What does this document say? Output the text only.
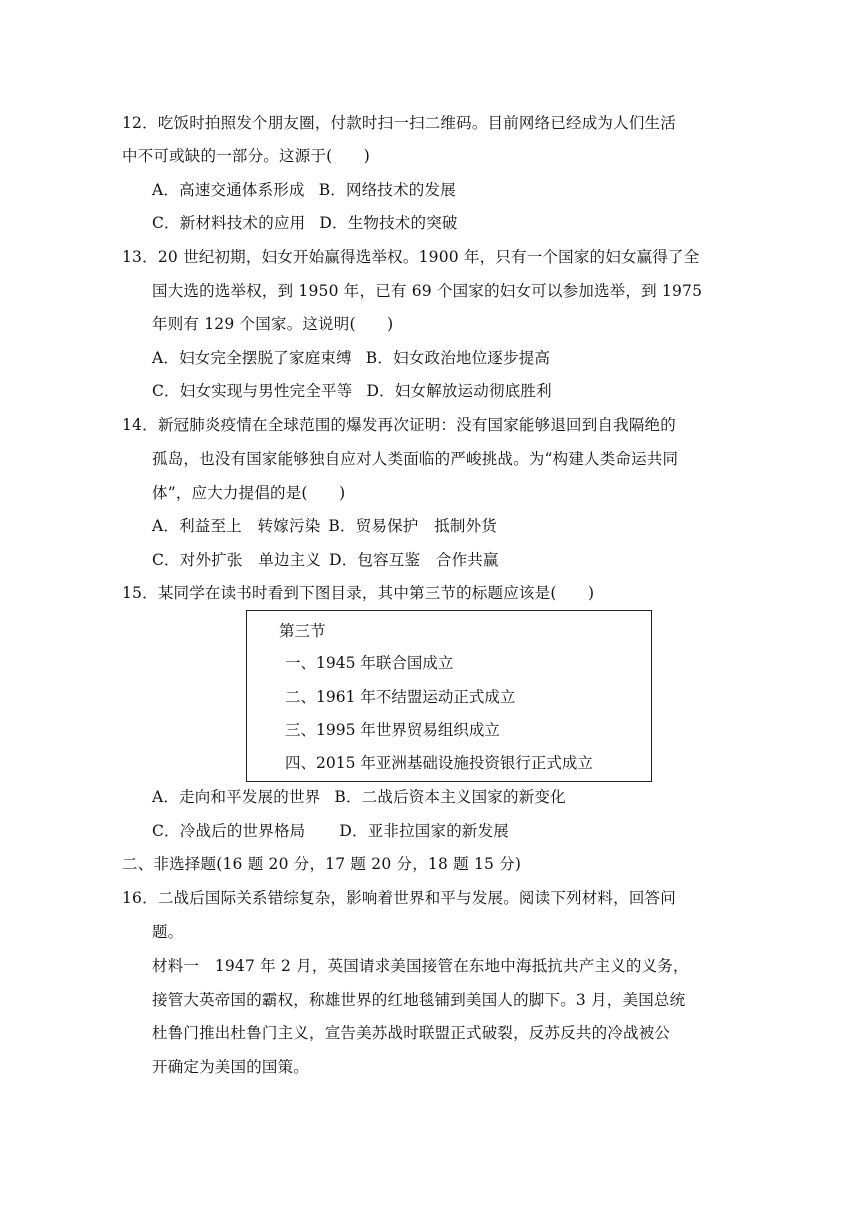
12．吃饭时拍照发个朋友圈，付款时扫一扫二维码。目前网络已经成为人们生活
中不可或缺的一部分。这源于(　　)
A．高速交通体系形成 B．网络技术的发展
C．新材料技术的应用 D．生物技术的突破
13．20 世纪初期，妇女开始赢得选举权。1900 年，只有一个国家的妇女赢得了全
国大选的选举权，到 1950 年，已有 69 个国家的妇女可以参加选举，到 1975
年则有 129 个国家。这说明(　　)
A．妇女完全摆脱了家庭束缚 B．妇女政治地位逐步提高
C．妇女实现与男性完全平等 D．妇女解放运动彻底胜利
14．新冠肺炎疫情在全球范围的爆发再次证明：没有国家能够退回到自我隔绝的
孤岛，也没有国家能够独自应对人类面临的严峻挑战。为“构建人类命运共同
体”，应大力提倡的是(　　)
A．利益至上　转嫁污染 B．贸易保护　抵制外货
C．对外扩张　单边主义 D．包容互鉴　合作共赢
15．某同学在读书时看到下图目录，其中第三节的标题应该是(　　)
第三节
一、1945 年联合国成立
二、1961 年不结盟运动正式成立
三、1995 年世界贸易组织成立
四、2015 年亚洲基础设施投资银行正式成立
A．走向和平发展的世界 B．二战后资本主义国家的新变化
C．冷战后的世界格局 D．亚非拉国家的新发展
二、非选择题(16 题 20 分，17 题 20 分，18 题 15 分)
16．二战后国际关系错综复杂，影响着世界和平与发展。阅读下列材料，回答问
题。
材料一　1947 年 2 月，英国请求美国接管在东地中海抵抗共产主义的义务，
接管大英帝国的霸权，称雄世界的红地毯铺到美国人的脚下。3 月，美国总统
杜鲁门推出杜鲁门主义，宣告美苏战时联盟正式破裂，反苏反共的冷战被公
开确定为美国的国策。
